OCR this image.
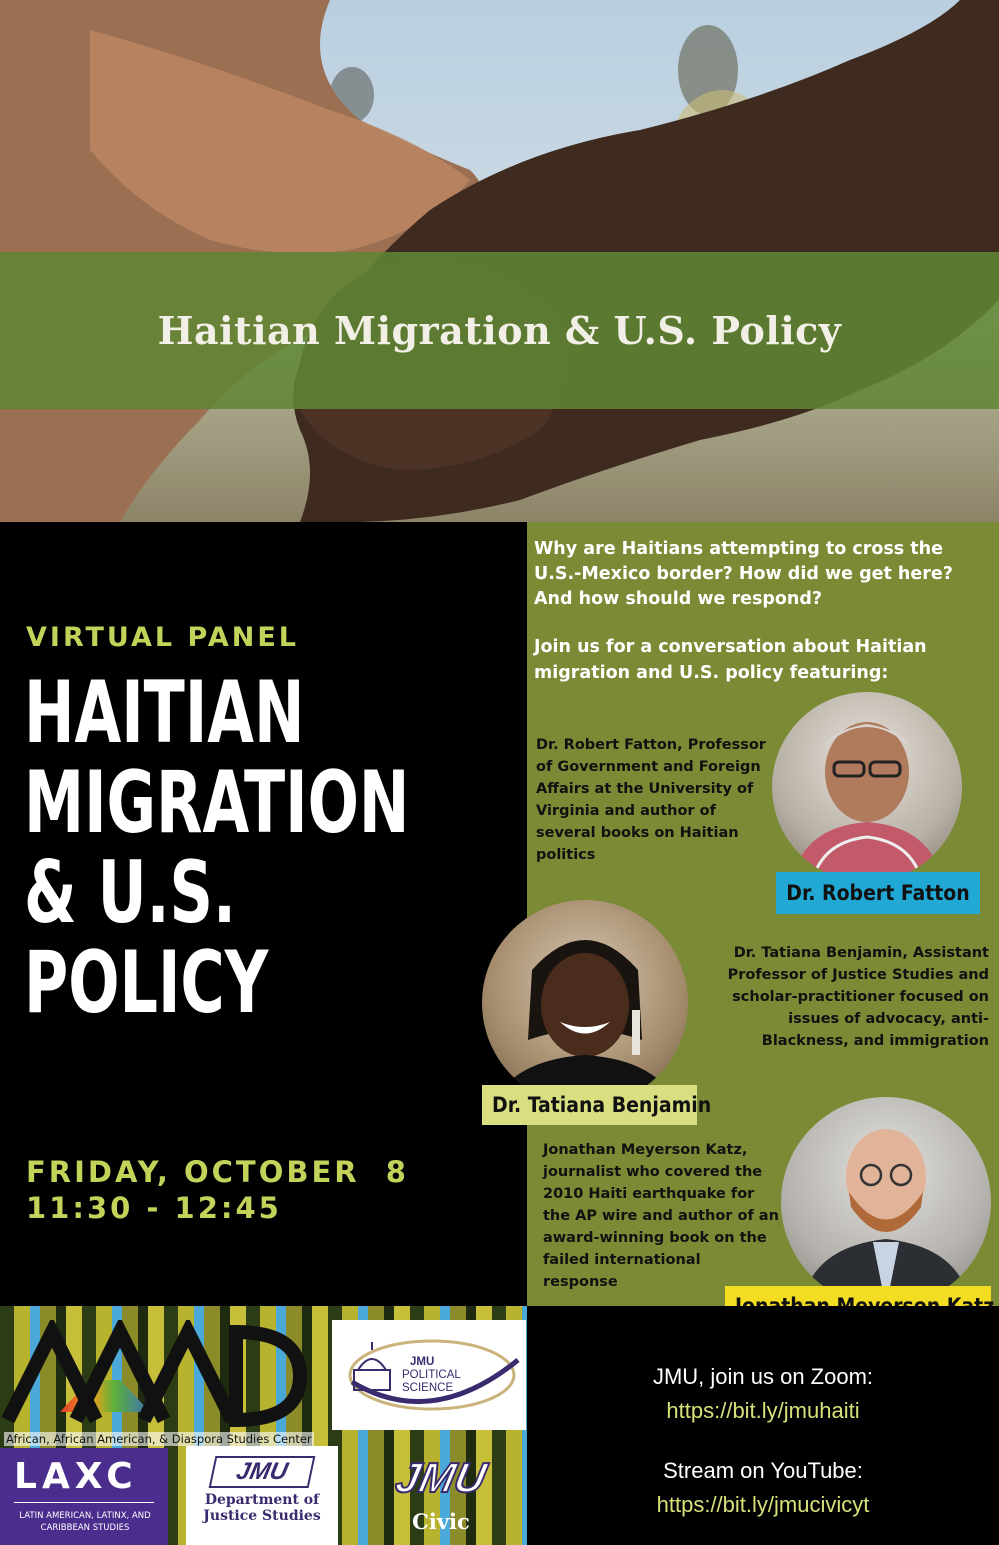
Haitian Migration & U.S. Policy
VIRTUAL PANEL
HAITIAN
MIGRATION
& U.S.
POLICY
FRIDAY, OCTOBER  8
11:30 - 12:45
Why are Haitians attempting to cross the U.S.-Mexico border? How did we get here? And how should we respond?
Join us for a conversation about Haitian migration and U.S. policy featuring:
Dr. Robert Fatton, Professor of Government and Foreign Affairs at the University of Virginia and author of several books on Haitian politics
Dr. Robert Fatton
Dr. Tatiana Benjamin, Assistant Professor of Justice Studies and scholar-practitioner focused on issues of advocacy, anti-Blackness, and immigration
Dr. Tatiana Benjamin
Jonathan Meyerson Katz, journalist who covered the 2010 Haiti earthquake for the AP wire and author of an award-winning book on the failed international response
African, African American, & Diaspora Studies Center
JMU
POLITICAL
SCIENCE
LAXC
LATIN AMERICAN, LATINX, AND CARIBBEAN STUDIES
JMU
Department of Justice Studies
JMU
Civic
JMU, join us on Zoom:
https://bit.ly/jmuhaiti
Stream on YouTube:
https://bit.ly/jmucivicyt
